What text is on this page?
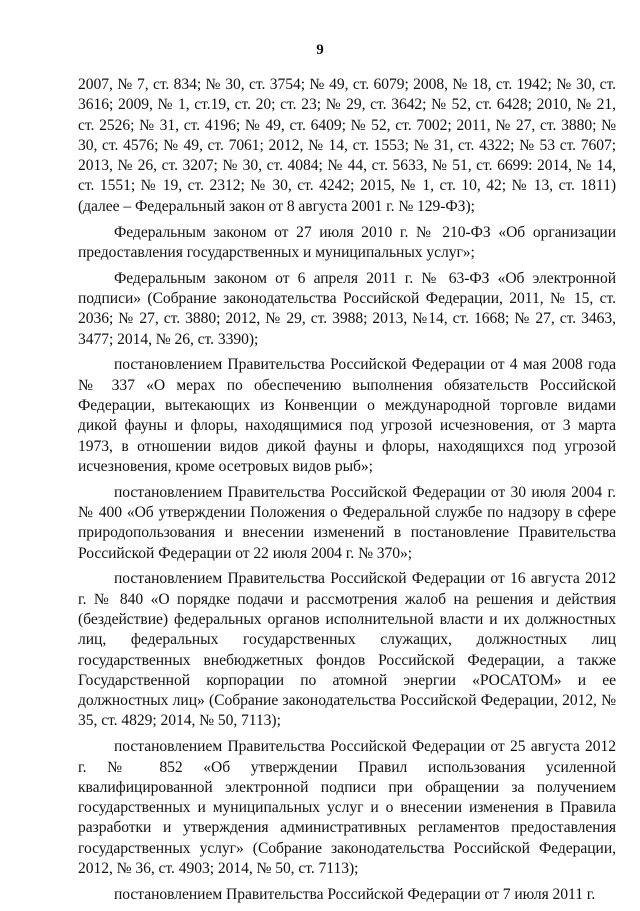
9

2007, № 7, ст. 834; № 30, ст. 3754; № 49, ст. 6079; 2008, № 18, ст. 1942; № 30, ст. 3616; 2009, № 1, ст.19, ст. 20; ст. 23; № 29, ст. 3642; № 52, ст. 6428; 2010, № 21, ст. 2526; № 31, ст. 4196; № 49, ст. 6409; № 52, ст. 7002; 2011, № 27, ст. 3880; № 30, ст. 4576; № 49, ст. 7061; 2012, № 14, ст. 1553; № 31, ст. 4322; № 53 ст. 7607; 2013, № 26, ст. 3207; № 30, ст. 4084; № 44, ст. 5633, № 51, ст. 6699: 2014, № 14, ст. 1551; № 19, ст. 2312; № 30, ст. 4242; 2015, № 1, ст. 10, 42; № 13, ст. 1811) (далее – Федеральный закон от 8 августа 2001 г. № 129-ФЗ);

Федеральным законом от 27 июля 2010 г. № 210-ФЗ «Об организации предоставления государственных и муниципальных услуг»;

Федеральным законом от 6 апреля 2011 г. № 63-ФЗ «Об электронной подписи» (Собрание законодательства Российской Федерации, 2011, № 15, ст. 2036; № 27, ст. 3880; 2012, № 29, ст. 3988; 2013, №14, ст. 1668; № 27, ст. 3463, 3477; 2014, № 26, ст. 3390);

постановлением Правительства Российской Федерации от 4 мая 2008 года № 337 «О мерах по обеспечению выполнения обязательств Российской Федерации, вытекающих из Конвенции о международной торговле видами дикой фауны и флоры, находящимися под угрозой исчезновения, от 3 марта 1973, в отношении видов дикой фауны и флоры, находящихся под угрозой исчезновения, кроме осетровых видов рыб»;

постановлением Правительства Российской Федерации от 30 июля 2004 г. № 400 «Об утверждении Положения о Федеральной службе по надзору в сфере природопользования и внесении изменений в постановление Правительства Российской Федерации от 22 июля 2004 г. № 370»;

постановлением Правительства Российской Федерации от 16 августа 2012 г. № 840 «О порядке подачи и рассмотрения жалоб на решения и действия (бездействие) федеральных органов исполнительной власти и их должностных лиц, федеральных государственных служащих, должностных лиц государственных внебюджетных фондов Российской Федерации, а также Государственной корпорации по атомной энергии «РОСАТОМ» и ее должностных лиц» (Собрание законодательства Российской Федерации, 2012, № 35, ст. 4829; 2014, № 50, 7113);

постановлением Правительства Российской Федерации от 25 августа 2012 г. № 852 «Об утверждении Правил использования усиленной квалифицированной электронной подписи при обращении за получением государственных и муниципальных услуг и о внесении изменения в Правила разработки и утверждения административных регламентов предоставления государственных услуг» (Собрание законодательства Российской Федерации, 2012, № 36, ст. 4903; 2014, № 50, ст. 7113);

постановлением Правительства Российской Федерации от 7 июля 2011 г.
